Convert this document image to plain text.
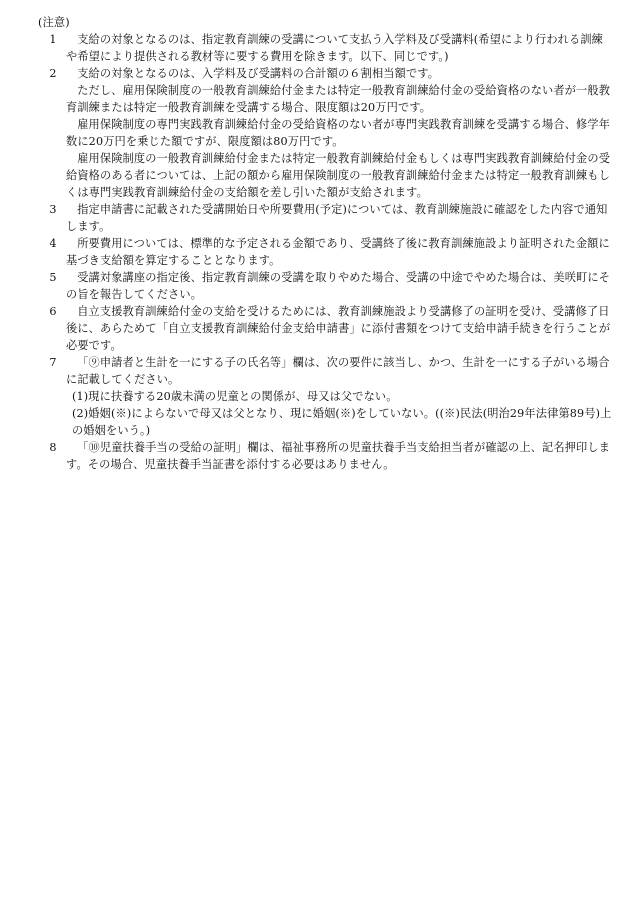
(注意)

1	支給の対象となるのは、指定教育訓練の受講について支払う入学料及び受講料(希望により行われる訓練や希望により提供される教材等に要する費用を除きます。以下、同じです。)

2	支給の対象となるのは、入学料及び受講料の合計額の６割相当額です。

ただし、雇用保険制度の一般教育訓練給付金または特定一般教育訓練給付金の受給資格のない者が一般教育訓練または特定一般教育訓練を受講する場合、限度額は20万円です。

雇用保険制度の専門実践教育訓練給付金の受給資格のない者が専門実践教育訓練を受講する場合、修学年数に20万円を乗じた額ですが、限度額は80万円です。

雇用保険制度の一般教育訓練給付金または特定一般教育訓練給付金もしくは専門実践教育訓練給付金の受給資格のある者については、上記の額から雇用保険制度の一般教育訓練給付金または特定一般教育訓練もしくは専門実践教育訓練給付金の支給額を差し引いた額が支給されます。

3	指定申請書に記載された受講開始日や所要費用(予定)については、教育訓練施設に確認をした内容で通知します。

4	所要費用については、標準的な予定される金額であり、受講終了後に教育訓練施設より証明された金額に基づき支給額を算定することとなります。

5	受講対象講座の指定後、指定教育訓練の受講を取りやめた場合、受講の中途でやめた場合は、美咲町にその旨を報告してください。

6	自立支援教育訓練給付金の支給を受けるためには、教育訓練施設より受講修了の証明を受け、受講修了日後に、あらためて「自立支援教育訓練給付金支給申請書」に添付書類をつけて支給申請手続きを行うことが必要です。

7	「⑨申請者と生計を一にする子の氏名等」欄は、次の要件に該当し、かつ、生計を一にする子がいる場合に記載してください。

(1)現に扶養する20歳未満の児童との関係が、母又は父でない。

(2)婚姻(※)によらないで母又は父となり、現に婚姻(※)をしていない。((※)民法(明治29年法律第89号)上の婚姻をいう。)

8	「⑩児童扶養手当の受給の証明」欄は、福祉事務所の児童扶養手当支給担当者が確認の上、記名押印します。その場合、児童扶養手当証書を添付する必要はありません。
